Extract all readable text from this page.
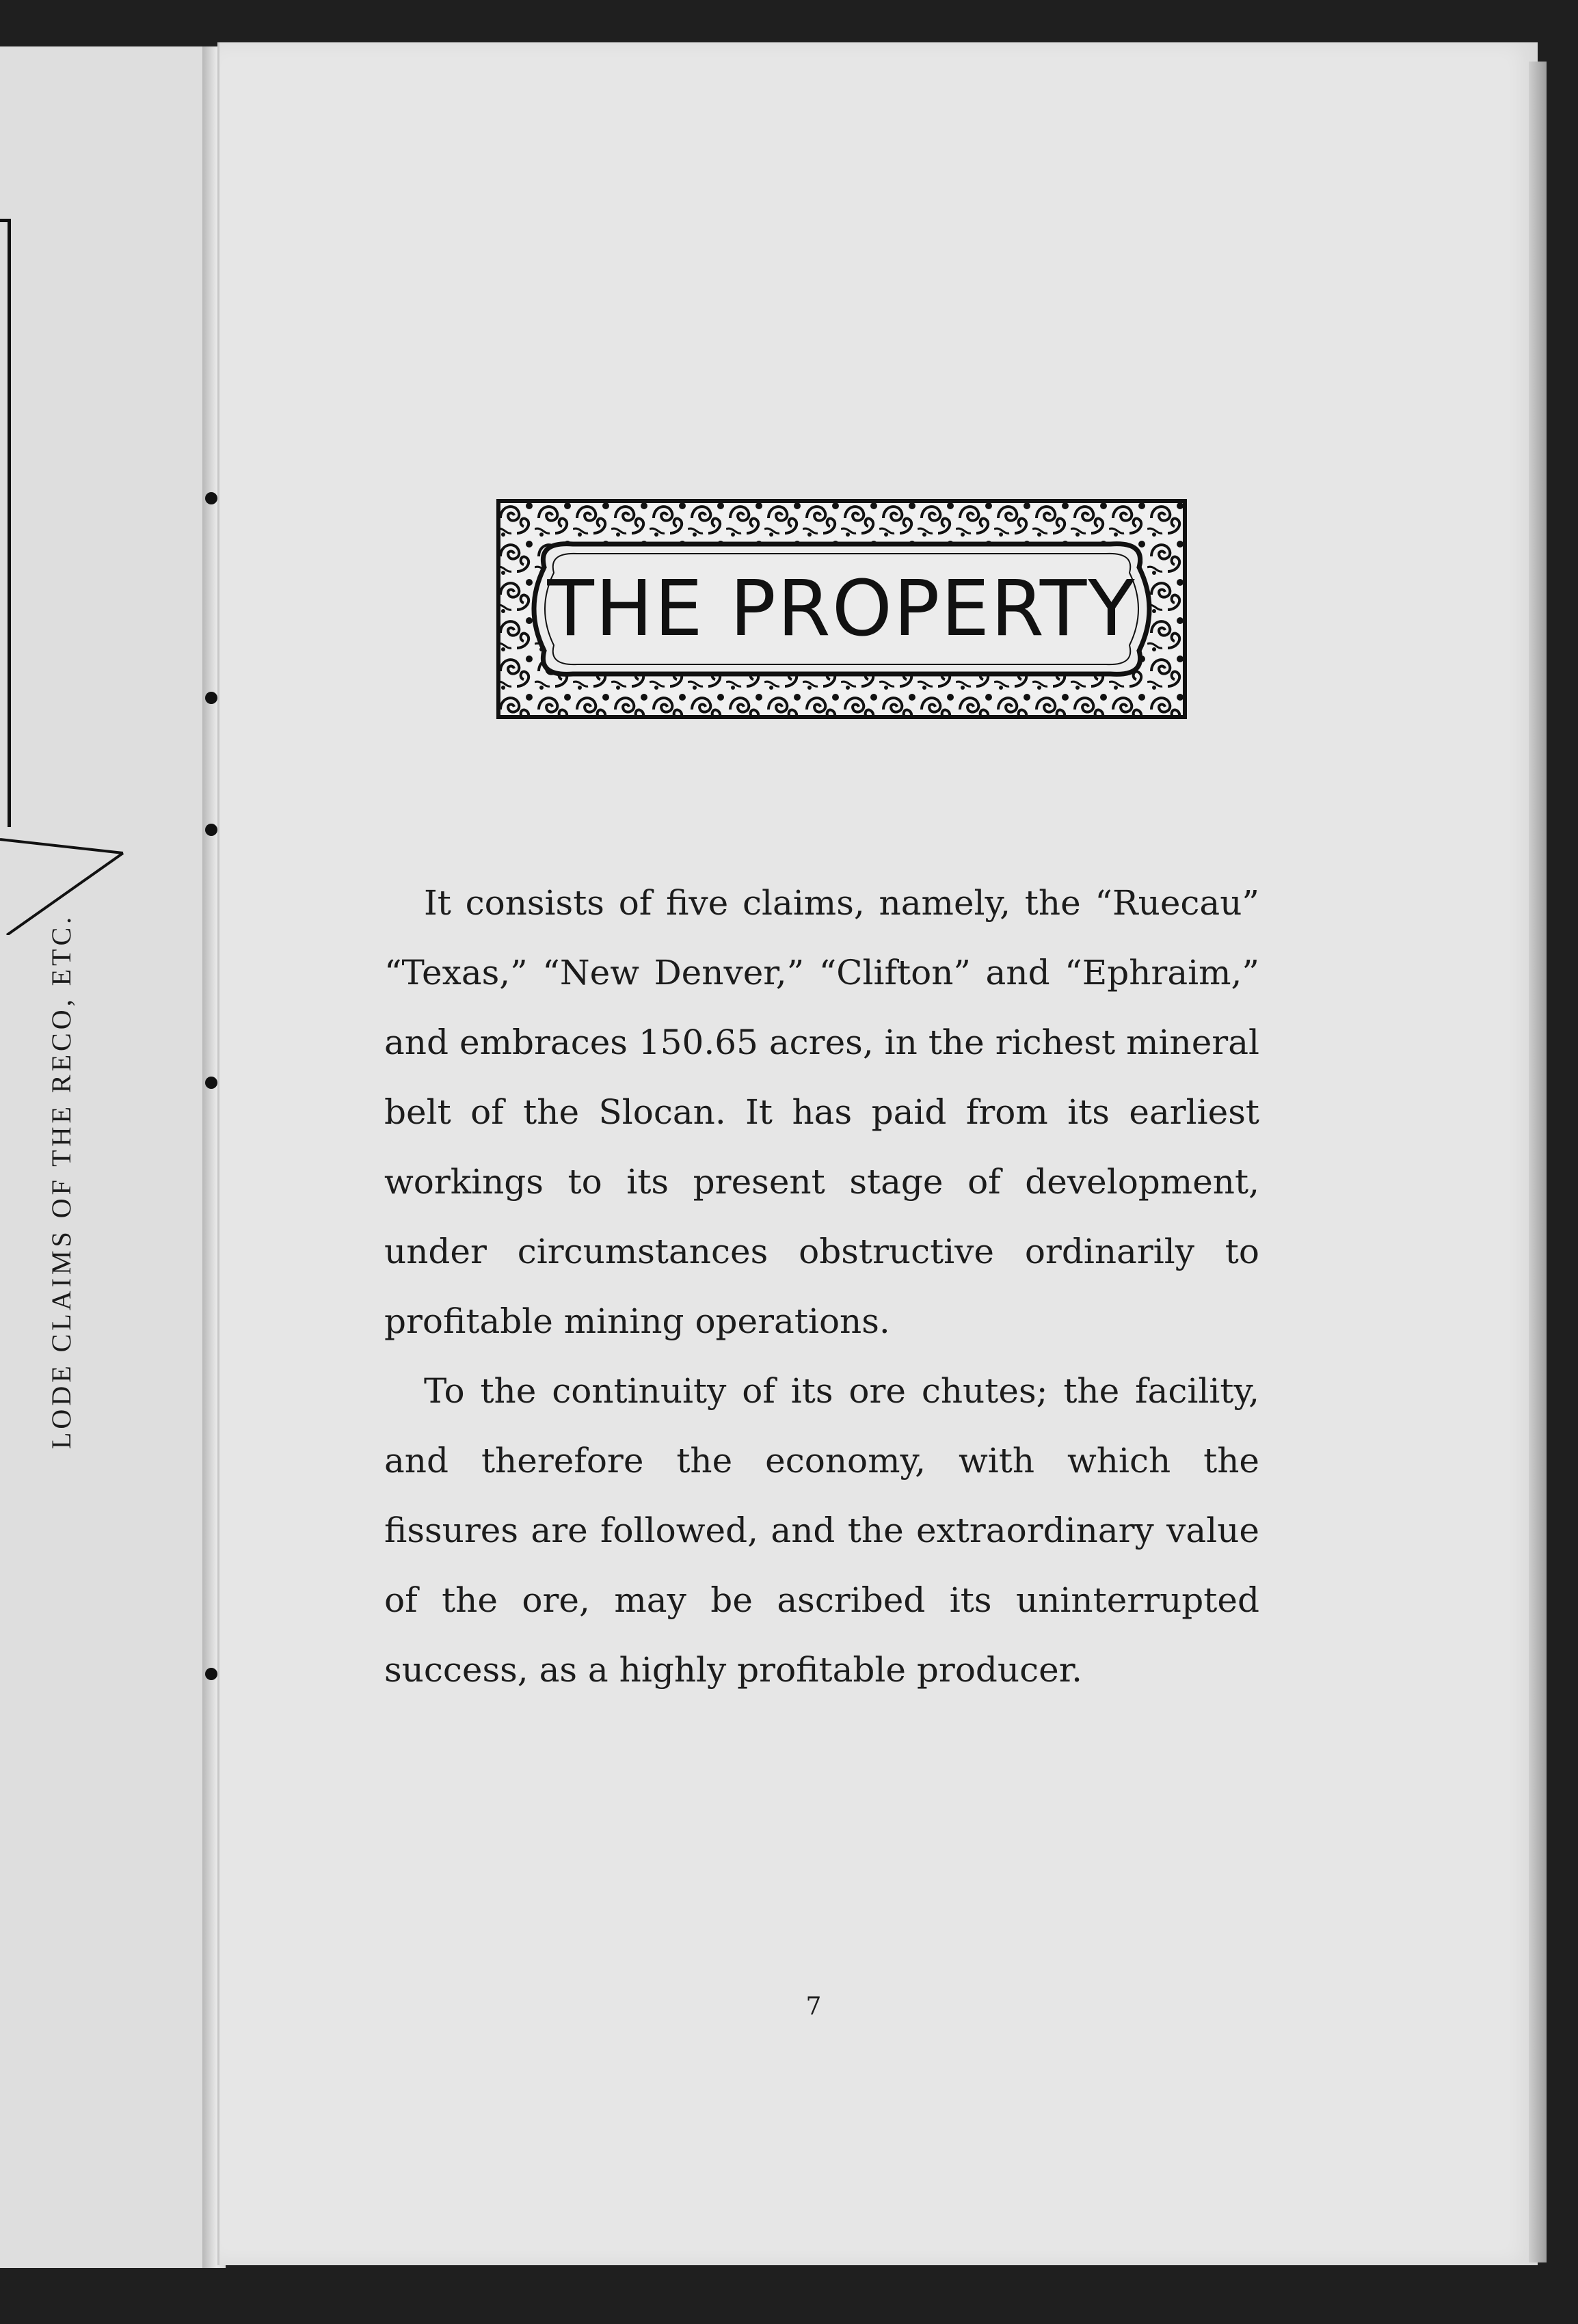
LODE CLAIMS OF THE RECO, ETC.
THE PROPERTY

It consists of five claims, namely, the “Ruecau” “Texas,” “New Denver,” “Clifton” and “Ephraim,” and embraces 150.65 acres, in the richest mineral belt of the Slocan. It has paid from its earliest workings to its present stage of development, under circumstances obstructive ordinarily to profitable mining operations.

To the continuity of its ore chutes; the facility, and therefore the economy, with which the fissures are followed, and the extraordinary value of the ore, may be ascribed its uninterrupted success, as a highly profitable producer.

7
